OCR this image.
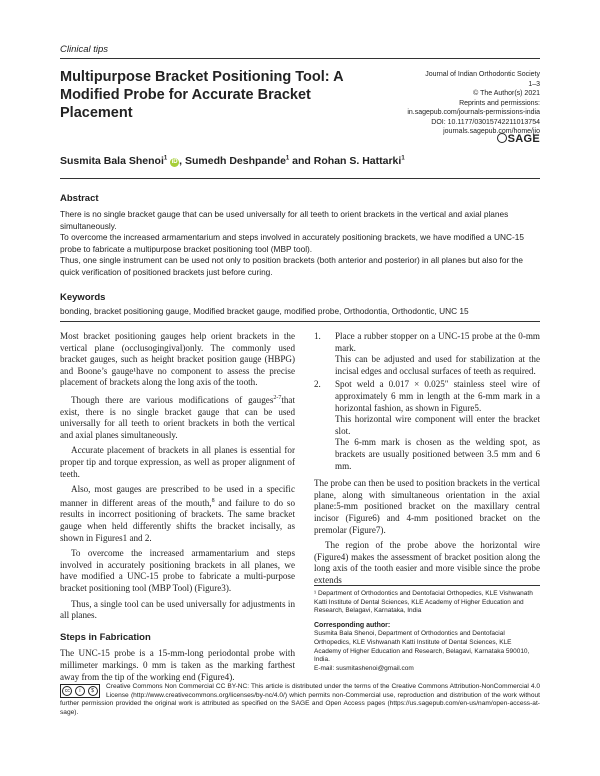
Clinical tips
Multipurpose Bracket Positioning Tool: A Modified Probe for Accurate Bracket Placement
Journal of Indian Orthodontic Society
1–3
© The Author(s) 2021
Reprints and permissions:
in.sagepub.com/journals-permissions-india
DOI: 10.1177/03015742211013754
journals.sagepub.com/home/jio
SAGE
Susmita Bala Shenoi$^1$ iD , Sumedh Deshpande$^1$ and Rohan S. Hattarki$^1$
Abstract

There is no single bracket gauge that can be used universally for all teeth to orient brackets in the vertical and axial planes simultaneously.

To overcome the increased armamentarium and steps involved in accurately positioning brackets, we have modified a UNC-15 probe to fabricate a multipurpose bracket positioning tool (MBP tool).

Thus, one single instrument can be used not only to position brackets (both anterior and posterior) in all planes but also for the quick verification of positioned brackets just before curing.

Keywords
bonding, bracket positioning gauge, Modified bracket gauge, modified probe, Orthodontia, Orthodontic, UNC 15

Most bracket positioning gauges help orient brackets in the vertical plane (occlusogingival)only. The commonly used bracket gauges, such as height bracket position gauge (HBPG) and Boone’s gauge¹have no component to assess the precise placement of brackets along the long axis of the tooth.

Though there are various modifications of gauges$^{2-7}$that exist, there is no single bracket gauge that can be used universally for all teeth to orient brackets in both the vertical and axial planes simultaneously.

Accurate placement of brackets in all planes is essential for proper tip and torque expression, as well as proper alignment of teeth.

Also, most gauges are prescribed to be used in a specific manner in different areas of the mouth,$^8$ and failure to do so results in incorrect positioning of brackets. The same bracket gauge when held differently shifts the bracket incisally, as shown in Figures1 and 2.

To overcome the increased armamentarium and steps involved in accurately positioning brackets in all planes, we have modified a UNC-15 probe to fabricate a multi-purpose bracket positioning tool (MBP Tool) (Figure3).

Thus, a single tool can be used universally for adjustments in all planes.

Steps in Fabrication

The UNC-15 probe is a 15-mm-long periodontal probe with millimeter markings. 0 mm is taken as the marking farthest away from the tip of the working end (Figure4).

1.	Place a rubber stopper on a UNC-15 probe at the 0-mm mark.

This can be adjusted and used for stabilization at the incisal edges and occlusal surfaces of teeth as required.

2.	Spot weld a 0.017 × 0.025" stainless steel wire of approximately 6 mm in length at the 6-mm mark in a horizontal fashion, as shown in Figure5.

This horizontal wire component will enter the bracket slot.

The 6-mm mark is chosen as the welding spot, as brackets are usually positioned between 3.5 mm and 6 mm.

The probe can then be used to position brackets in the vertical plane, along with simultaneous orientation in the axial plane:5-mm positioned bracket on the maxillary central incisor (Figure6) and 4-mm positioned bracket on the premolar (Figure7).

The region of the probe above the horizontal wire (Figure4) makes the assessment of bracket position along the long axis of the tooth easier and more visible since the probe extends

¹ Department of Orthodontics and Dentofacial Orthopedics, KLE Vishwanath Katti Institute of Dental Sciences, KLE Academy of Higher Education and Research, Belagavi, Karnataka, India

Corresponding author:

Susmita Bala Shenoi, Department of Orthodontics and Dentofacial Orthopedics, KLE Vishwanath Katti Institute of Dental Sciences, KLE Academy of Higher Education and Research, Belagavi, Karnataka 590010, India.

E-mail: susmitashenoi@gmail.com

cc	i	$
Creative Commons Non Commercial CC BY-NC: This article is distributed under the terms of the Creative Commons Attribution-NonCommercial 4.0 License (http://www.creativecommons.org/licenses/by-nc/4.0/) which permits non-Commercial use, reproduction and distribution of the work without further permission provided the original work is attributed as specified on the SAGE and Open Access pages (https://us.sagepub.com/en-us/nam/open-access-at-sage).
